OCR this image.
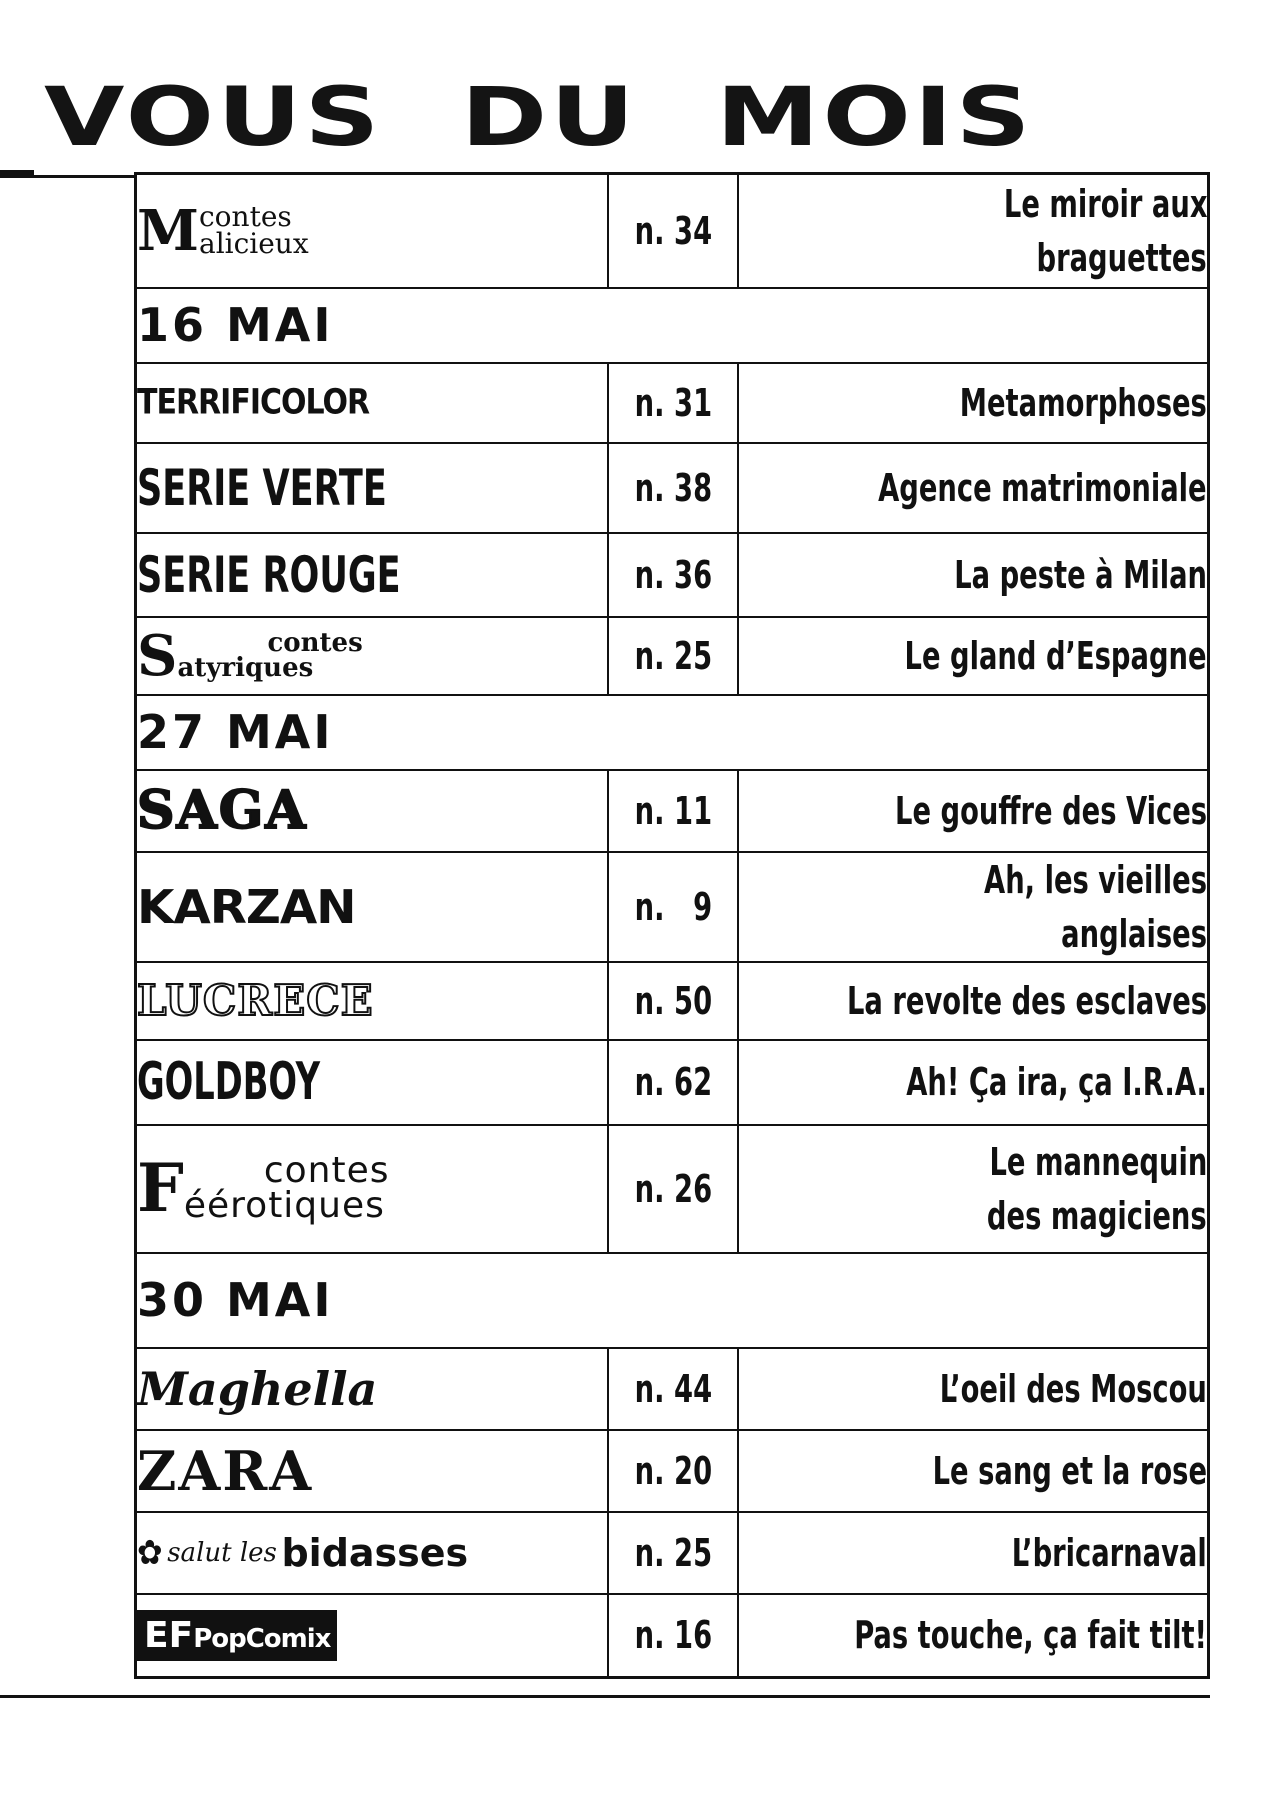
VOUS  DU  MOIS
Mcontes
alicieux	n. 34	Le miroir aux
braguettes
16 MAI		
TERRIFICOLOR	n. 31	Metamorphoses
SERIE VERTE	n. 38	Agence matrimoniale
SERIE ROUGE	n. 36	La peste à Milan
S contes
atyriques	n. 25	Le gland d’Espagne
27 MAI		
SAGA	n. 11	Le gouffre des Vices
KARZAN	n.   9	Ah, les vieilles anglaises
LUCRECE	n. 50	La revolte des esclaves
GOLDBOY	n. 62	Ah! Ça ira, ça I.R.A.
F contes
éérotiques	n. 26	Le mannequin
des magiciens
30 MAI		
Maghella	n. 44	L’oeil des Moscou
ZARA	n. 20	Le sang et la rose
✿ salut les bidasses	n. 25	L’bricarnaval
EFPopComix	n. 16	Pas touche, ça fait tilt!
